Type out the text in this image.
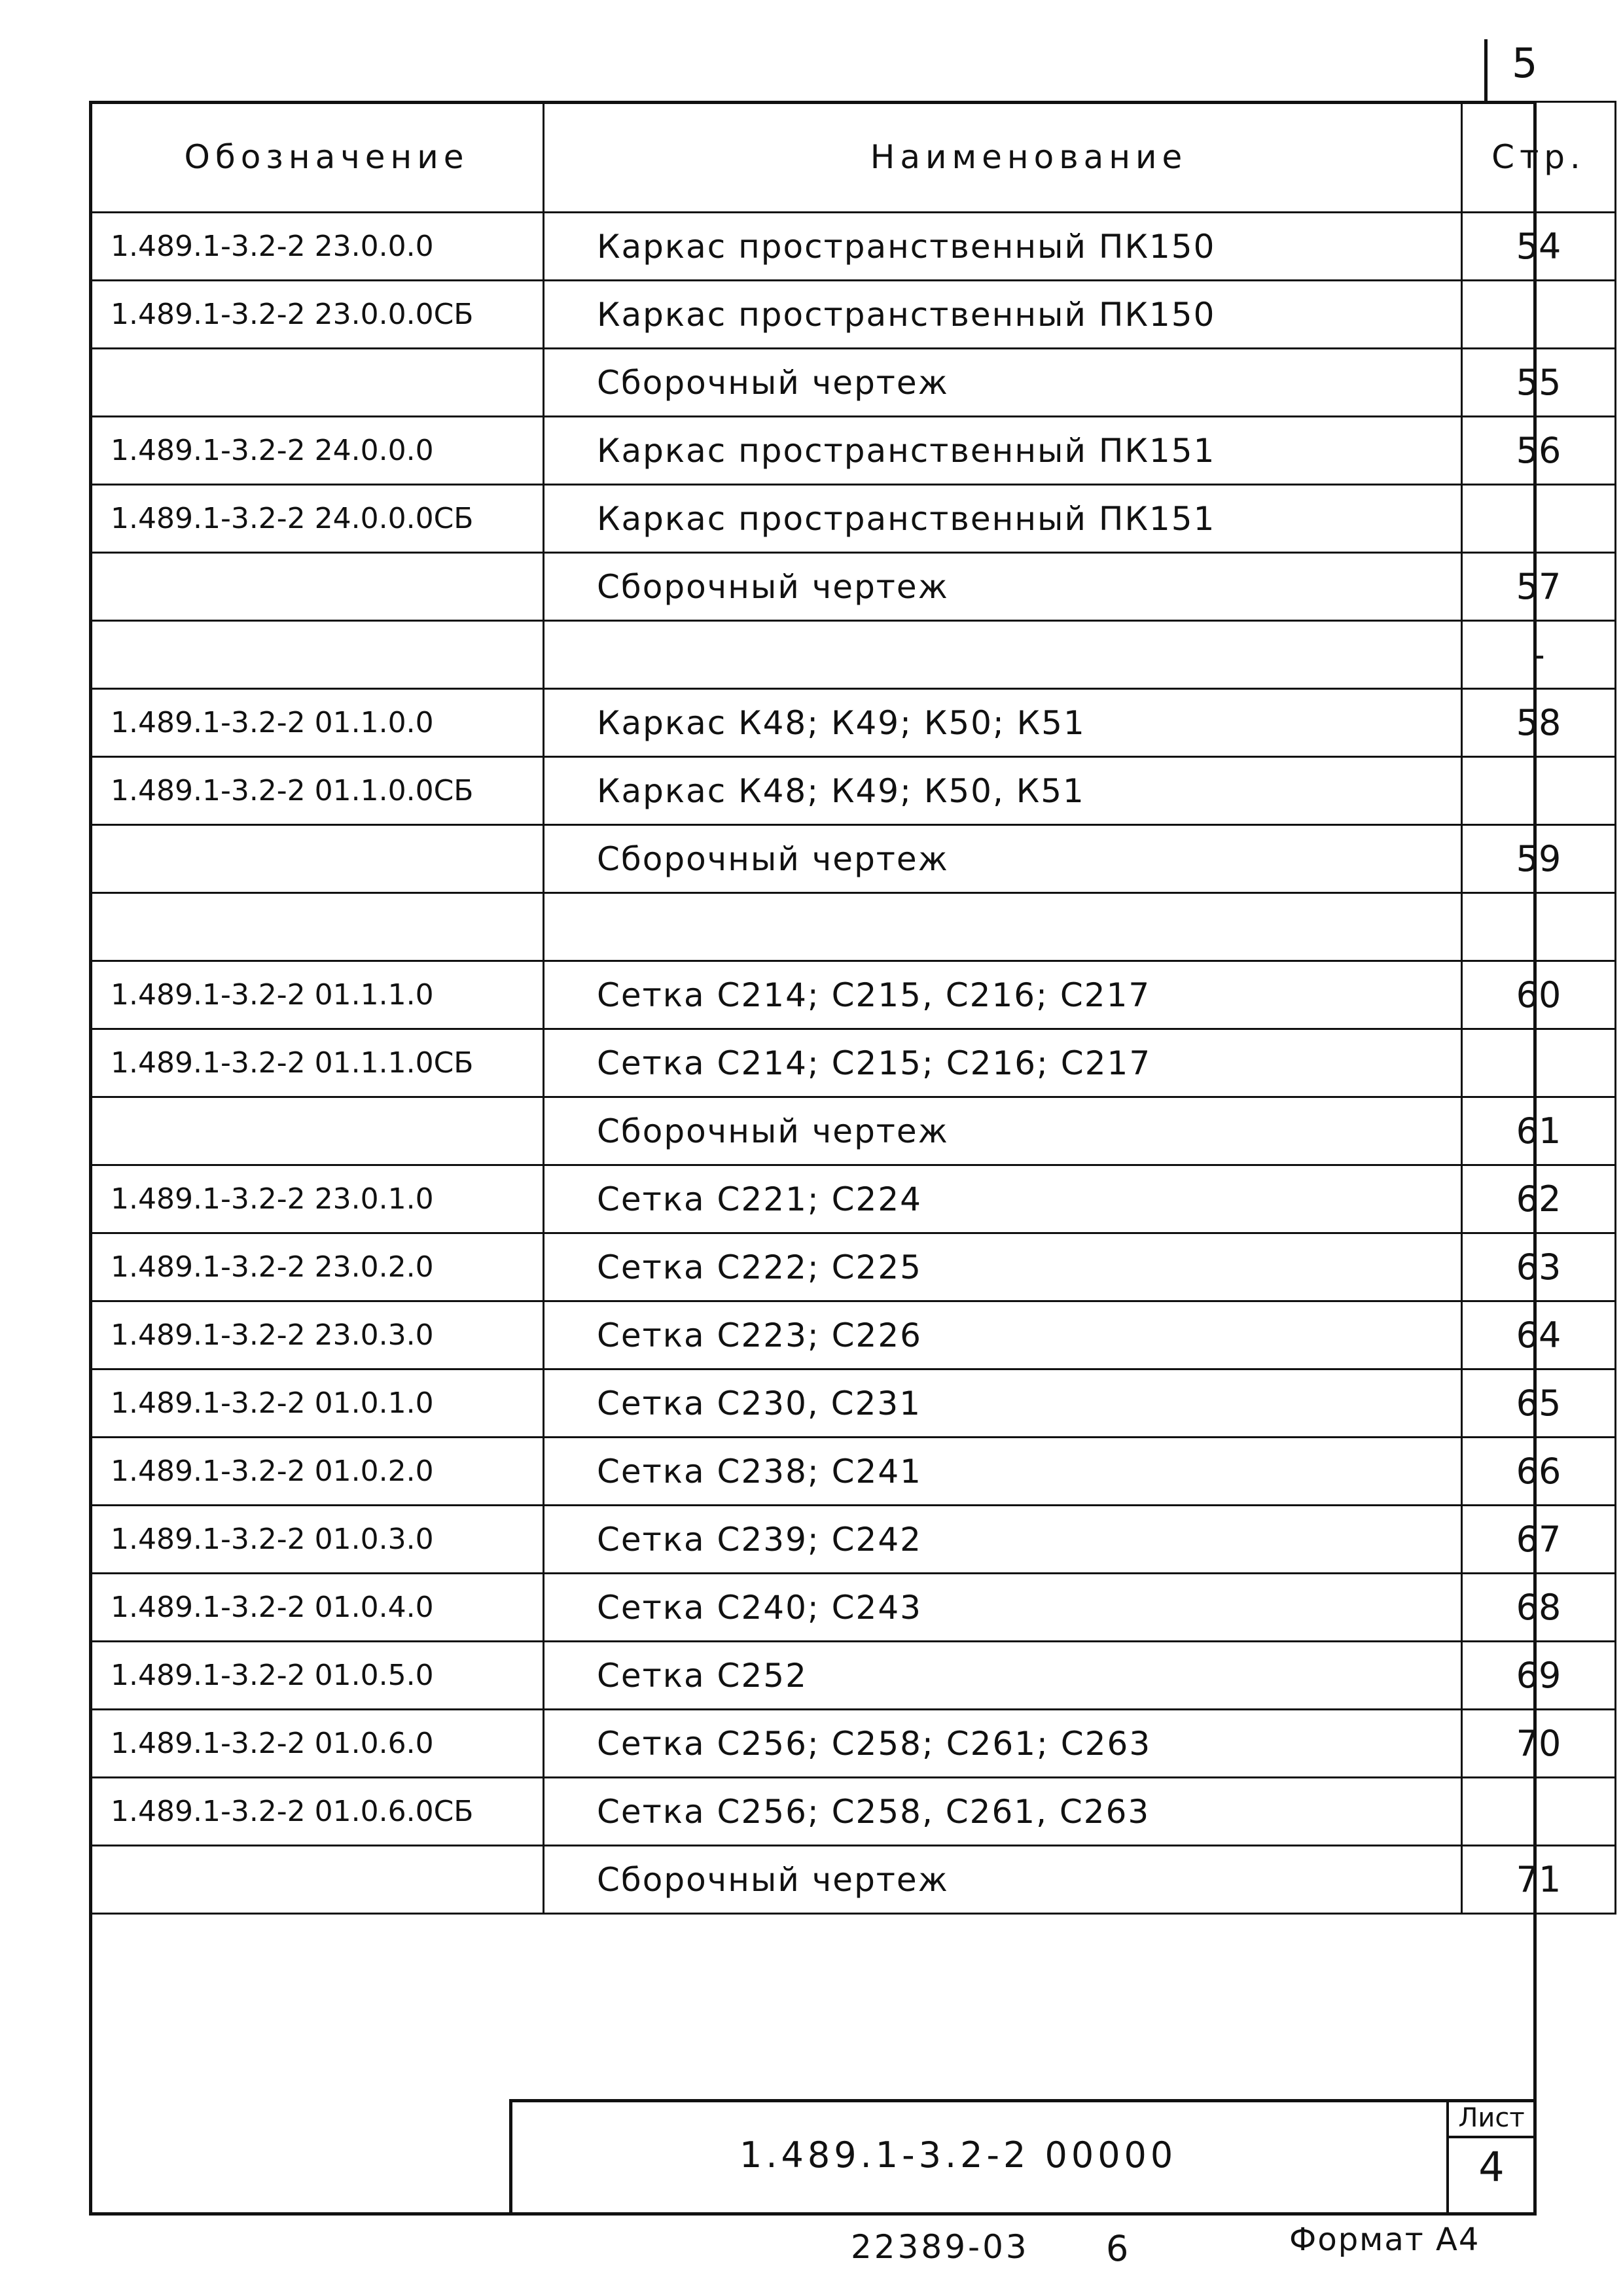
5
Обозначение	Наименование	Стр.
1.489.1-3.2-2 23.0.0.0	Каркас пространственный ПК150	54
1.489.1-3.2-2 23.0.0.0СБ	Каркас пространственный ПК150	
	Сборочный чертеж	55
1.489.1-3.2-2 24.0.0.0	Каркас пространственный ПК151	56
1.489.1-3.2-2 24.0.0.0СБ	Каркас пространственный ПК151	
	Сборочный чертеж	57
		-
1.489.1-3.2-2 01.1.0.0	Каркас К48; К49; К50; К51	58
1.489.1-3.2-2 01.1.0.0СБ	Каркас К48; К49; К50, К51	
	Сборочный чертеж	59

1.489.1-3.2-2 01.1.1.0	Сетка С214; С215, С216; С217	60
1.489.1-3.2-2 01.1.1.0СБ	Сетка С214; С215; С216; С217	
	Сборочный чертеж	61
1.489.1-3.2-2 23.0.1.0	Сетка С221; С224	62
1.489.1-3.2-2 23.0.2.0	Сетка С222; С225	63
1.489.1-3.2-2 23.0.3.0	Сетка С223; С226	64
1.489.1-3.2-2 01.0.1.0	Сетка С230, С231	65
1.489.1-3.2-2 01.0.2.0	Сетка С238; С241	66
1.489.1-3.2-2 01.0.3.0	Сетка С239; С242	67
1.489.1-3.2-2 01.0.4.0	Сетка С240; С243	68
1.489.1-3.2-2 01.0.5.0	Сетка С252	69
1.489.1-3.2-2 01.0.6.0	Сетка С256; С258; С261; С263	70
1.489.1-3.2-2 01.0.6.0СБ	Сетка С256; С258, С261, С263	
	Сборочный чертеж	71
1.489.1-3.2-2 00000
Лист
4
22389-03 6	Формат А4
